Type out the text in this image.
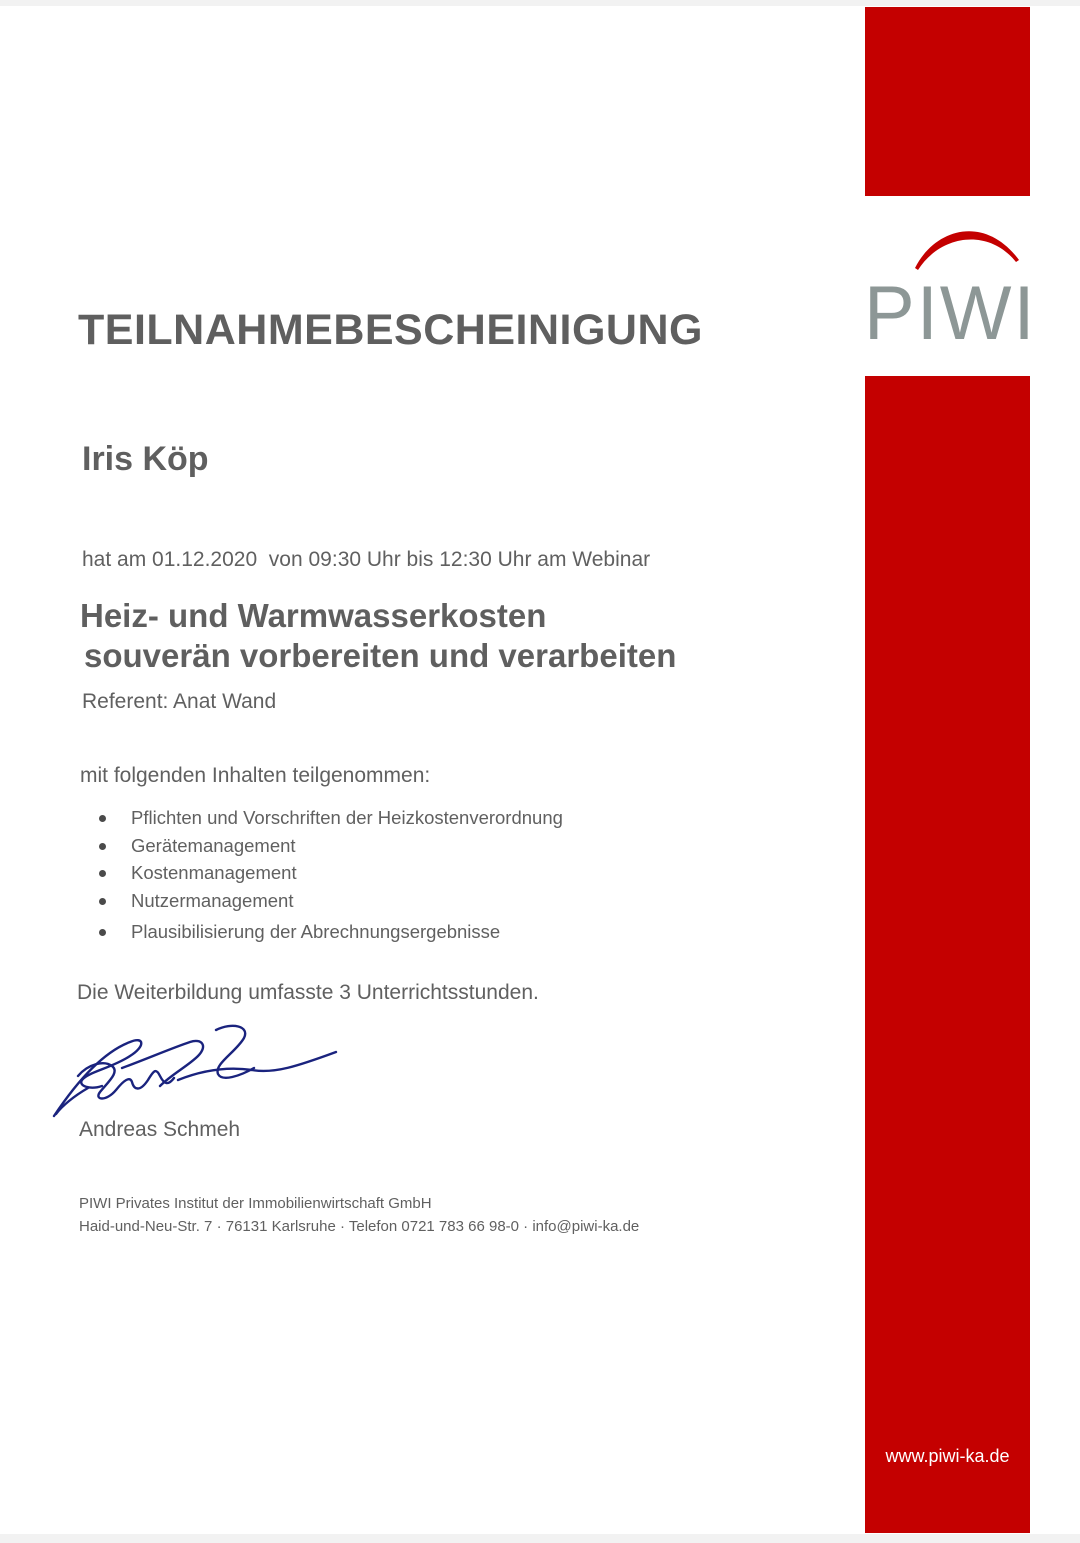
PIWI
www.piwi-ka.de
TEILNAHMEBESCHEINIGUNG
Iris Köp
hat am 01.12.2020  von 09:30 Uhr bis 12:30 Uhr am Webinar
Heiz- und Warmwasserkosten
souverän vorbereiten und verarbeiten
Referent: Anat Wand
mit folgenden Inhalten teilgenommen:
Pflichten und Vorschriften der Heizkostenverordnung
Gerätemanagement
Kostenmanagement
Nutzermanagement
Plausibilisierung der Abrechnungsergebnisse
Die Weiterbildung umfasste 3 Unterrichtsstunden.
Andreas Schmeh
PIWI Privates Institut der Immobilienwirtschaft GmbH
Haid-und-Neu-Str. 7 · 76131 Karlsruhe · Telefon 0721 783 66 98-0 · info@piwi-ka.de
